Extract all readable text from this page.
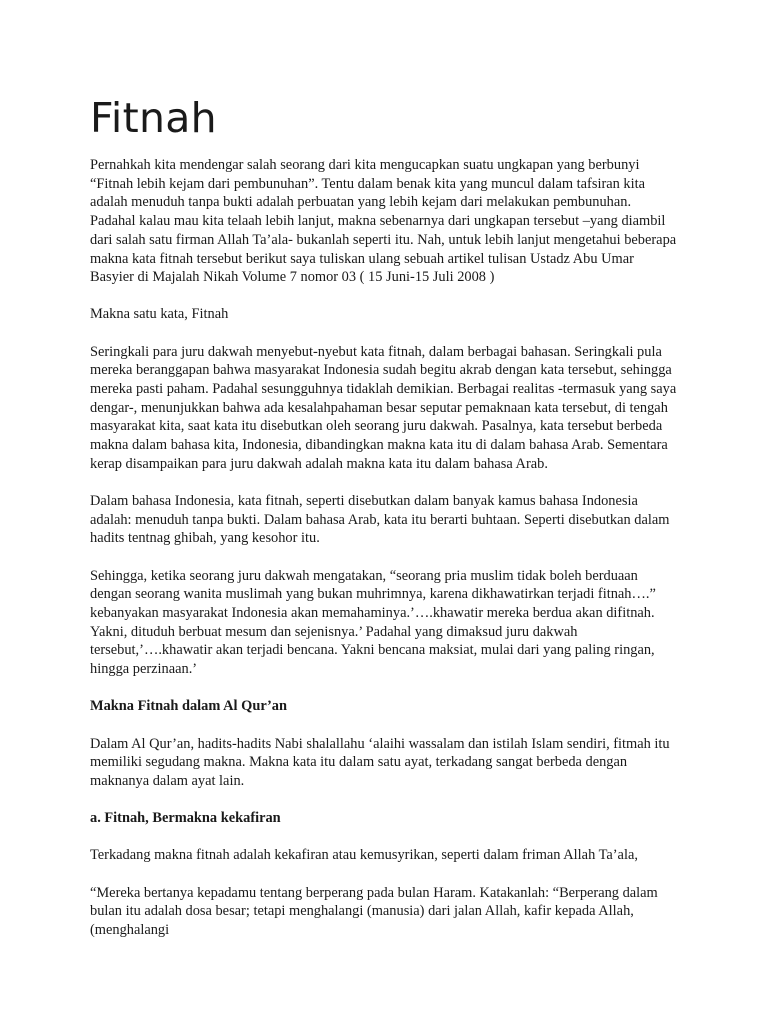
Fitnah

Pernahkah kita mendengar salah seorang dari kita mengucapkan suatu ungkapan yang berbunyi “Fitnah lebih kejam dari pembunuhan”. Tentu dalam benak kita yang muncul dalam tafsiran kita adalah menuduh tanpa bukti adalah perbuatan yang lebih kejam dari melakukan pembunuhan. Padahal kalau mau kita telaah lebih lanjut, makna sebenarnya dari ungkapan tersebut –yang diambil dari salah satu firman Allah Ta’ala- bukanlah seperti itu. Nah, untuk lebih lanjut mengetahui beberapa makna kata fitnah tersebut berikut saya tuliskan ulang sebuah artikel tulisan Ustadz Abu Umar Basyier di Majalah Nikah Volume 7 nomor 03 ( 15 Juni-15 Juli 2008 )

Makna satu kata, Fitnah

Seringkali para juru dakwah menyebut-nyebut kata fitnah, dalam berbagai bahasan. Seringkali pula mereka beranggapan bahwa masyarakat Indonesia sudah begitu akrab dengan kata tersebut, sehingga mereka pasti paham. Padahal sesungguhnya tidaklah demikian. Berbagai realitas -termasuk yang saya dengar-, menunjukkan bahwa ada kesalahpahaman besar seputar pemaknaan kata tersebut, di tengah masyarakat kita, saat kata itu disebutkan oleh seorang juru dakwah. Pasalnya, kata tersebut berbeda makna dalam bahasa kita, Indonesia, dibandingkan makna kata itu di dalam bahasa Arab. Sementara kerap disampaikan para juru dakwah adalah makna kata itu dalam bahasa Arab.

Dalam bahasa Indonesia, kata fitnah, seperti disebutkan dalam banyak kamus bahasa Indonesia adalah: menuduh tanpa bukti. Dalam bahasa Arab, kata itu berarti buhtaan. Seperti disebutkan dalam hadits tentnag ghibah, yang kesohor itu.

Sehingga, ketika seorang juru dakwah mengatakan, “seorang pria muslim tidak boleh berduaan dengan seorang wanita muslimah yang bukan muhrimnya, karena dikhawatirkan terjadi fitnah….” kebanyakan masyarakat Indonesia akan memahaminya.’….khawatir mereka berdua akan difitnah. Yakni, dituduh berbuat mesum dan sejenisnya.’ Padahal yang dimaksud juru dakwah tersebut,’….khawatir akan terjadi bencana. Yakni bencana maksiat, mulai dari yang paling ringan, hingga perzinaan.’

Makna Fitnah dalam Al Qur’an

Dalam Al Qur’an, hadits-hadits Nabi shalallahu ‘alaihi wassalam dan istilah Islam sendiri, fitmah itu memiliki segudang makna. Makna kata itu dalam satu ayat, terkadang sangat berbeda dengan maknanya dalam ayat lain.

a. Fitnah, Bermakna kekafiran

Terkadang makna fitnah adalah kekafiran atau kemusyrikan, seperti dalam friman Allah Ta’ala,

“Mereka bertanya kepadamu tentang berperang pada bulan Haram. Katakanlah: “Berperang dalam bulan itu adalah dosa besar; tetapi menghalangi (manusia) dari jalan Allah, kafir kepada Allah, (menghalangi
